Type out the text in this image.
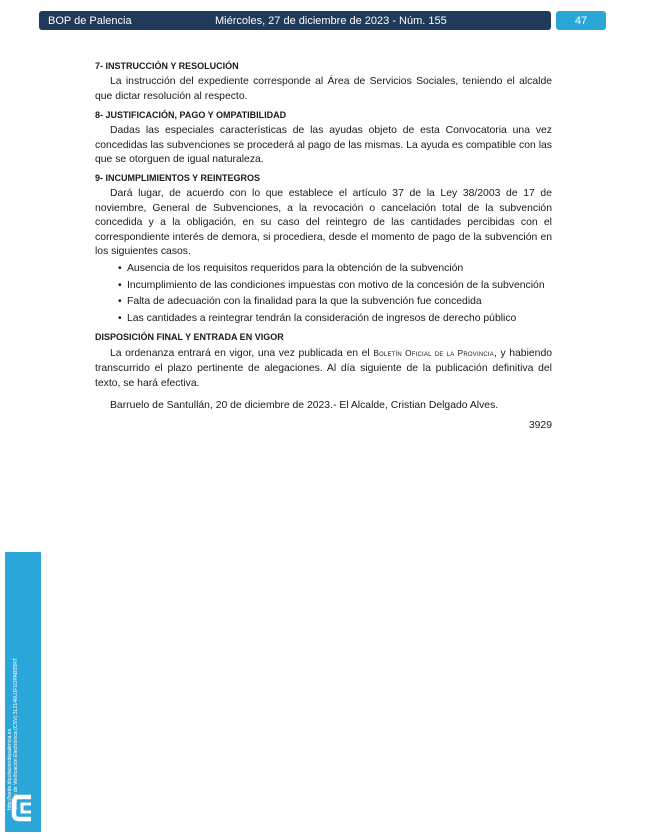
BOP de Palencia	Miércoles, 27 de diciembre de 2023 - Núm. 155	47
7- INSTRUCCIÓN Y RESOLUCIÓN

La instrucción del expediente corresponde al Área de Servicios Sociales, teniendo el alcalde que dictar resolución al respecto.

8- JUSTIFICACIÓN, PAGO Y OMPATIBILIDAD

Dadas las especiales características de las ayudas objeto de esta Convocatoria una vez concedidas las subvenciones se procederá al pago de las mismas. La ayuda es compatible con las que se otorguen de igual naturaleza.

9- INCUMPLIMIENTOS Y REINTEGROS

Dará lugar, de acuerdo con lo que establece el artículo 37 de la Ley 38/2003 de 17 de noviembre, General de Subvenciones, a la revocación o cancelación total de la subvención concedida y a la obligación, en su caso del reintegro de las cantidades percibidas con el correspondiente interés de demora, si procediera, desde el momento de pago de la subvención en los siguientes casos.

• Ausencia de los requisitos requeridos para la obtención de la subvención
• Incumplimiento de las condiciones impuestas con motivo de la concesión de la subvención
• Falta de adecuación con la finalidad para la que la subvención fue concedida
• Las cantidades a reintegrar tendrán la consideración de ingresos de derecho público
DISPOSICIÓN FINAL Y ENTRADA EN VIGOR

La ordenanza entrará en vigor, una vez publicada en el Boletín Oficial de la Provincia, y habiendo transcurrido el plazo pertinente de alegaciones. Al día siguiente de la publicación definitiva del texto, se hará efectiva.

Barruelo de Santullán, 20 de diciembre de 2023.- El Alcalde, Cristian Delgado Alves.

3929
Firmado electrónicamente. Puede consultar su autenticidad en: http://sede.diputaciondepalencia.es Código de Verificación Electrónica (CSV):3L2146UJF1OPAB05RT
